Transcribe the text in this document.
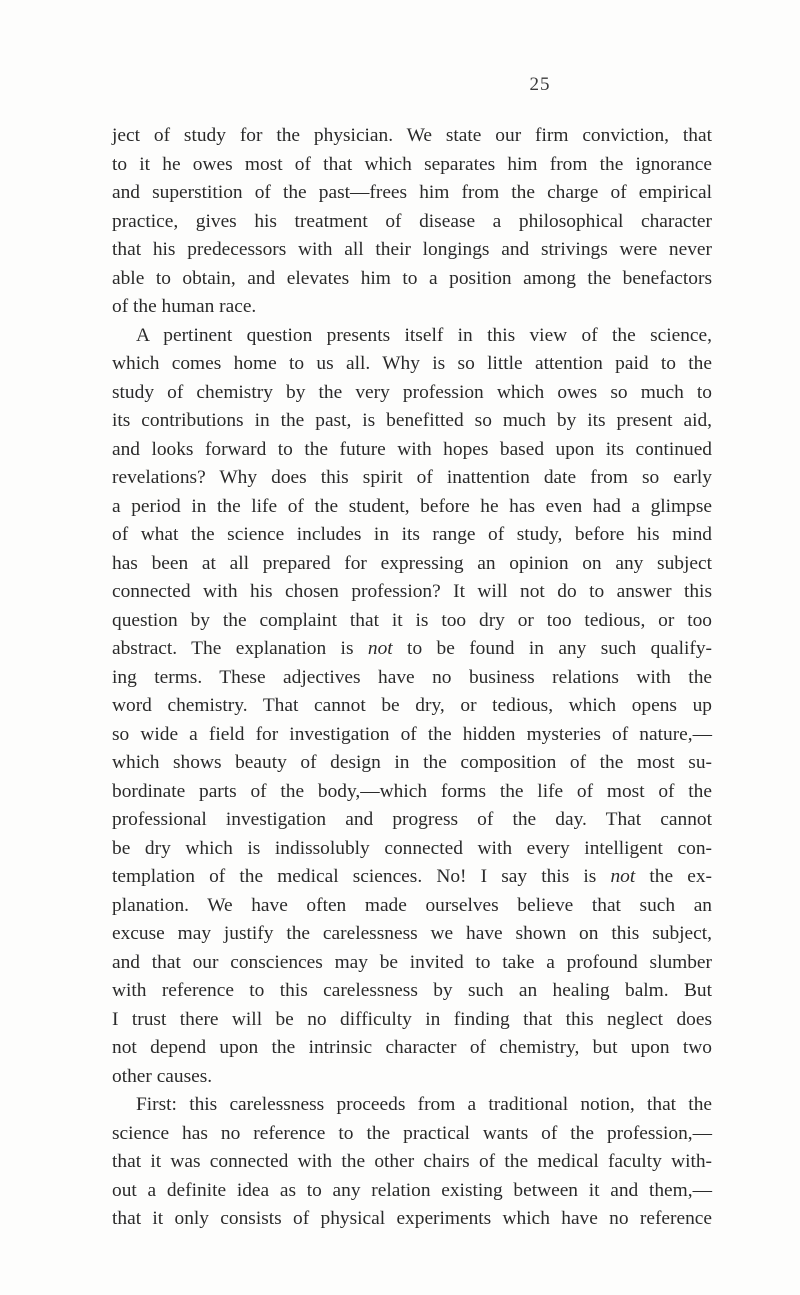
25
ject of study for the physician. We state our firm conviction, that
to it he owes most of that which separates him from the ignorance
and superstition of the past—frees him from the charge of empirical
practice, gives his treatment of disease a philosophical character
that his predecessors with all their longings and strivings were never
able to obtain, and elevates him to a position among the benefactors
of the human race.
A pertinent question presents itself in this view of the science,
which comes home to us all. Why is so little attention paid to the
study of chemistry by the very profession which owes so much to
its contributions in the past, is benefitted so much by its present aid,
and looks forward to the future with hopes based upon its continued
revelations? Why does this spirit of inattention date from so early
a period in the life of the student, before he has even had a glimpse
of what the science includes in its range of study, before his mind
has been at all prepared for expressing an opinion on any subject
connected with his chosen profession? It will not do to answer this
question by the complaint that it is too dry or too tedious, or too
abstract. The explanation is not to be found in any such qualify-
ing terms. These adjectives have no business relations with the
word chemistry. That cannot be dry, or tedious, which opens up
so wide a field for investigation of the hidden mysteries of nature,—
which shows beauty of design in the composition of the most su-
bordinate parts of the body,—which forms the life of most of the
professional investigation and progress of the day. That cannot
be dry which is indissolubly connected with every intelligent con-
templation of the medical sciences. No! I say this is not the ex-
planation. We have often made ourselves believe that such an
excuse may justify the carelessness we have shown on this subject,
and that our consciences may be invited to take a profound slumber
with reference to this carelessness by such an healing balm. But
I trust there will be no difficulty in finding that this neglect does
not depend upon the intrinsic character of chemistry, but upon two
other causes.
First: this carelessness proceeds from a traditional notion, that the
science has no reference to the practical wants of the profession,—
that it was connected with the other chairs of the medical faculty with-
out a definite idea as to any relation existing between it and them,—
that it only consists of physical experiments which have no reference
